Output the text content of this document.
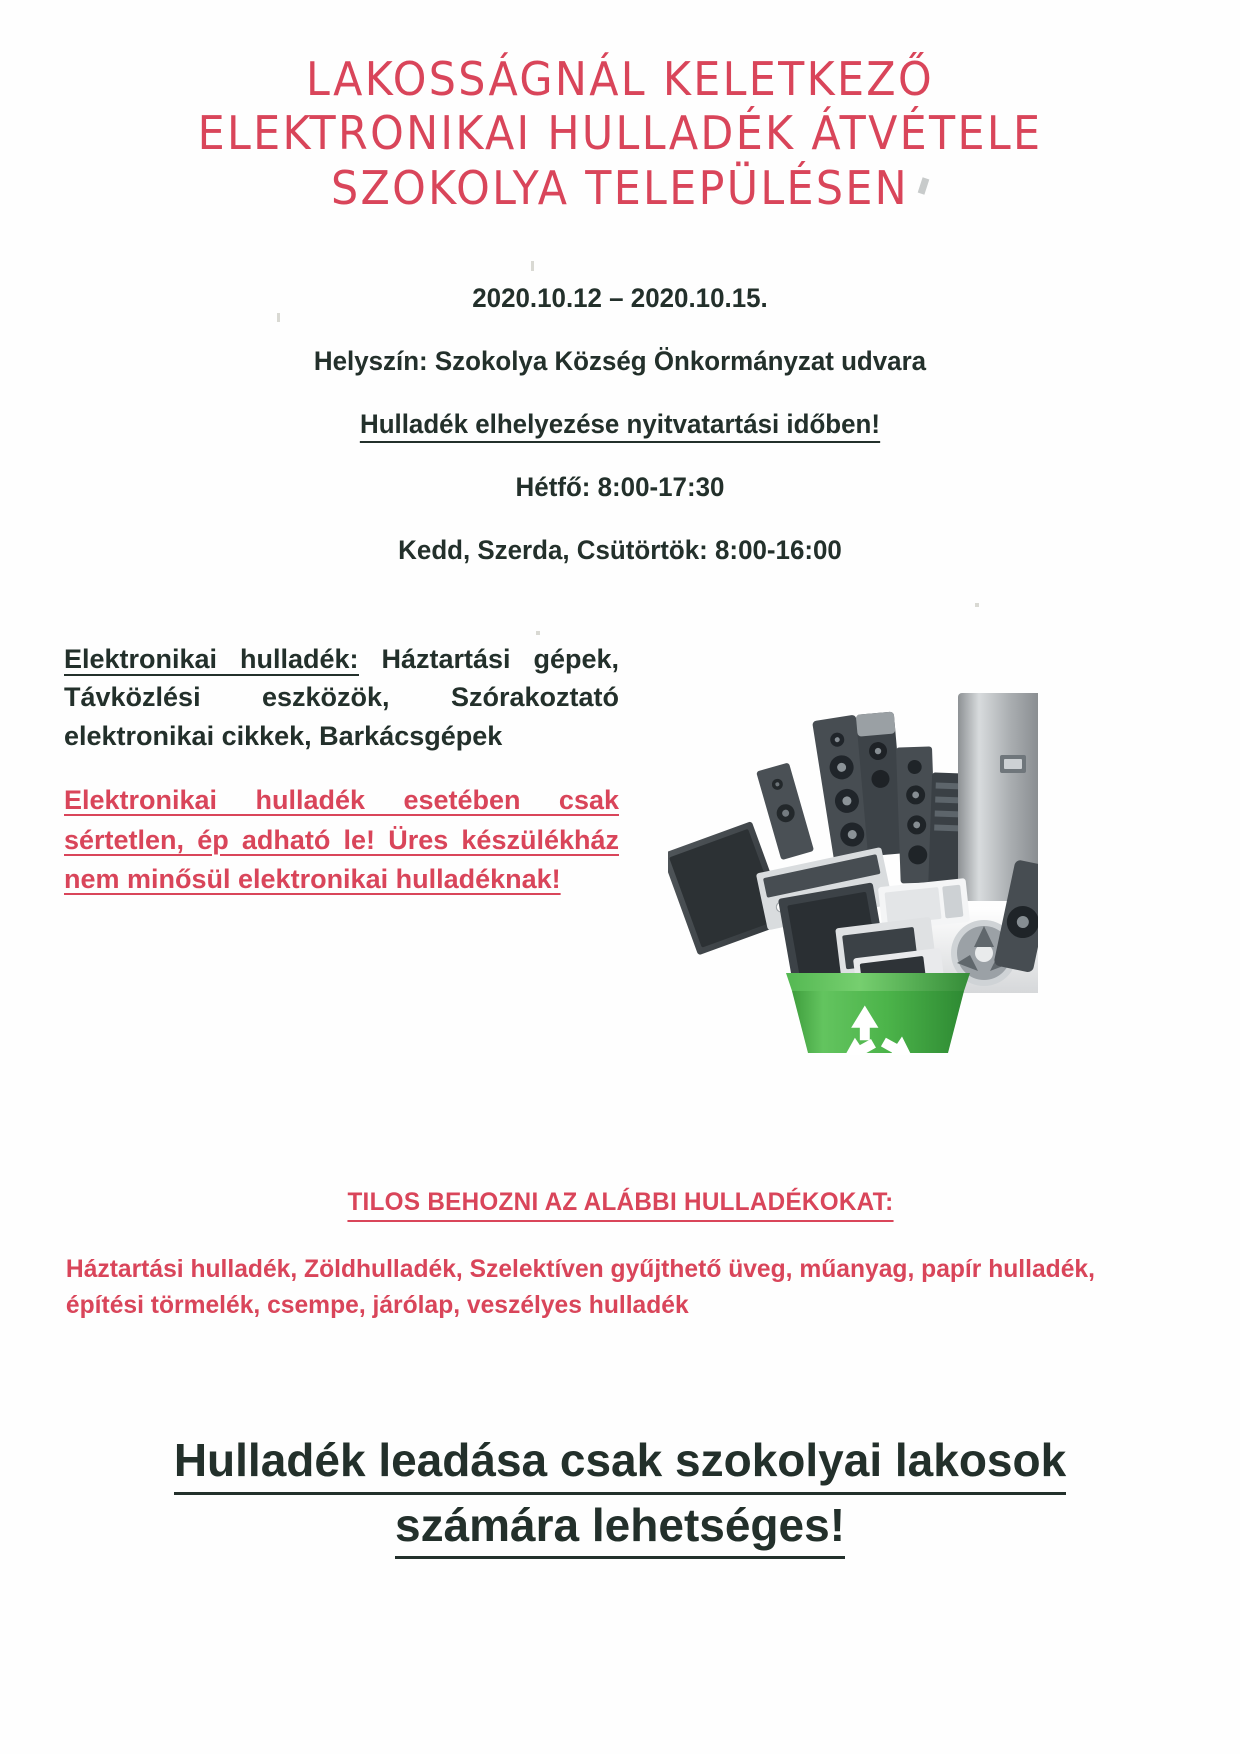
LAKOSSÁGNÁL KELETKEZŐ
ELEKTRONIKAI HULLADÉK ÁTVÉTELE
SZOKOLYA TELEPÜLÉSEN
2020.10.12 – 2020.10.15.
Helyszín: Szokolya Község Önkormányzat udvara
Hulladék elhelyezése nyitvatartási időben!
Hétfő: 8:00-17:30
Kedd, Szerda, Csütörtök: 8:00-16:00

Elektronikai hulladék: Háztartási gépek, Távközlési eszközök, Szórakoztató elektronikai cikkek, Barkácsgépek

Elektronikai hulladék esetében csak sértetlen, ép adható le! Üres készülékház nem minősül elektronikai hulladéknak!

TILOS BEHOZNI AZ ALÁBBI HULLADÉKOKAT:
Háztartási hulladék, Zöldhulladék, Szelektíven gyűjthető üveg, műanyag, papír hulladék, építési törmelék, csempe, járólap, veszélyes hulladék
Hulladék leadása csak szokolyai lakosok
számára lehetséges!
